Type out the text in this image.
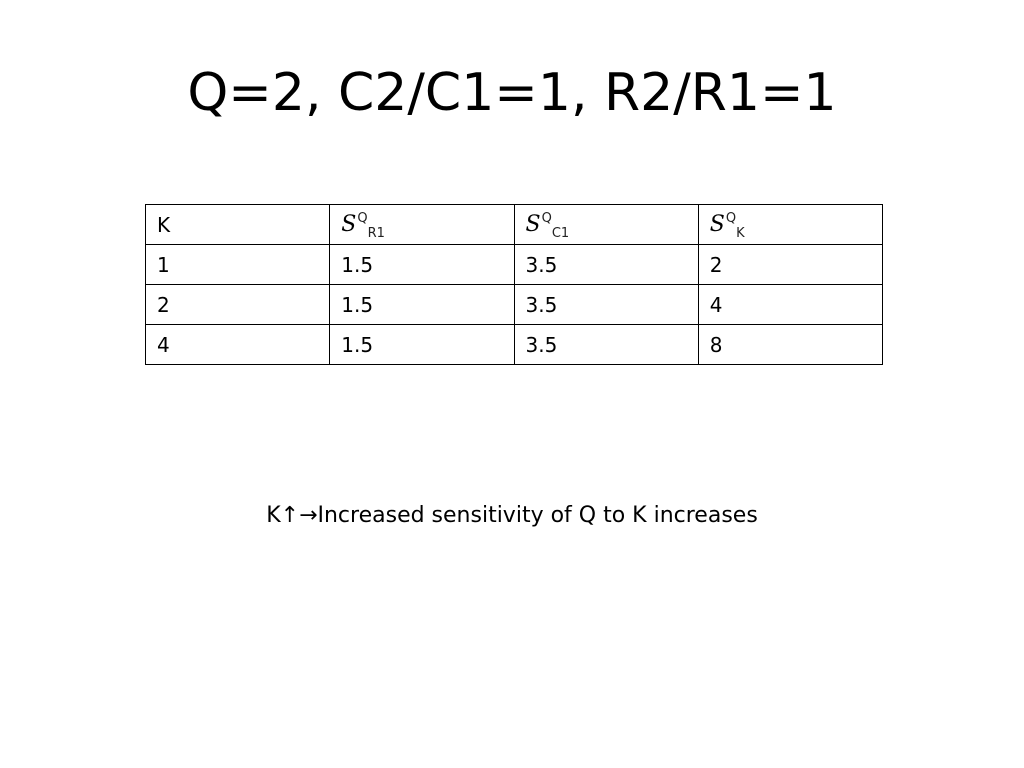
Q=2, C2/C1=1, R2/R1=1
K	$S^Q_{R1}$	$S^Q_{C1}$	$S^Q_K$
1	1.5	3.5	2
2	1.5	3.5	4
4	1.5	3.5	8
K↑→Increased sensitivity of Q to K increases
